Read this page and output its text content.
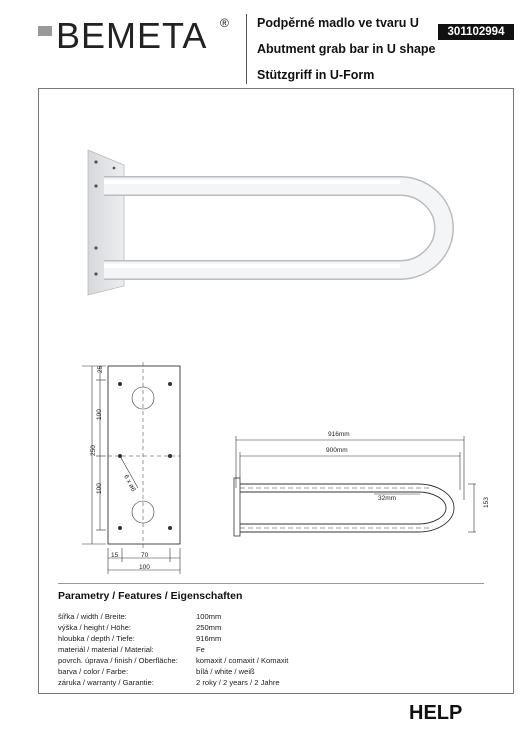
BEMETA ® Podpěrné madlo ve tvaru U
301102994
Abutment grab bar in U shape
Stützgriff in U-Form
25
100
250
100
15	70
100
6 x ø6
916mm
900mm
32mm	153
Parametry / Features / Eigenschaften
šířka / width / Breite:	100mm
výška / height / Höhe:	250mm
hloubka / depth / Tiefe:	916mm
materiál / material / Material:	Fe
povrch. úprava / finish / Oberfläche: komaxit / comaxit / Komaxit
barva / color / Farbe:	bílá / white / weiß
záruka / warranty / Garantie:	2 roky / 2 years / 2 Jahre
HELP
